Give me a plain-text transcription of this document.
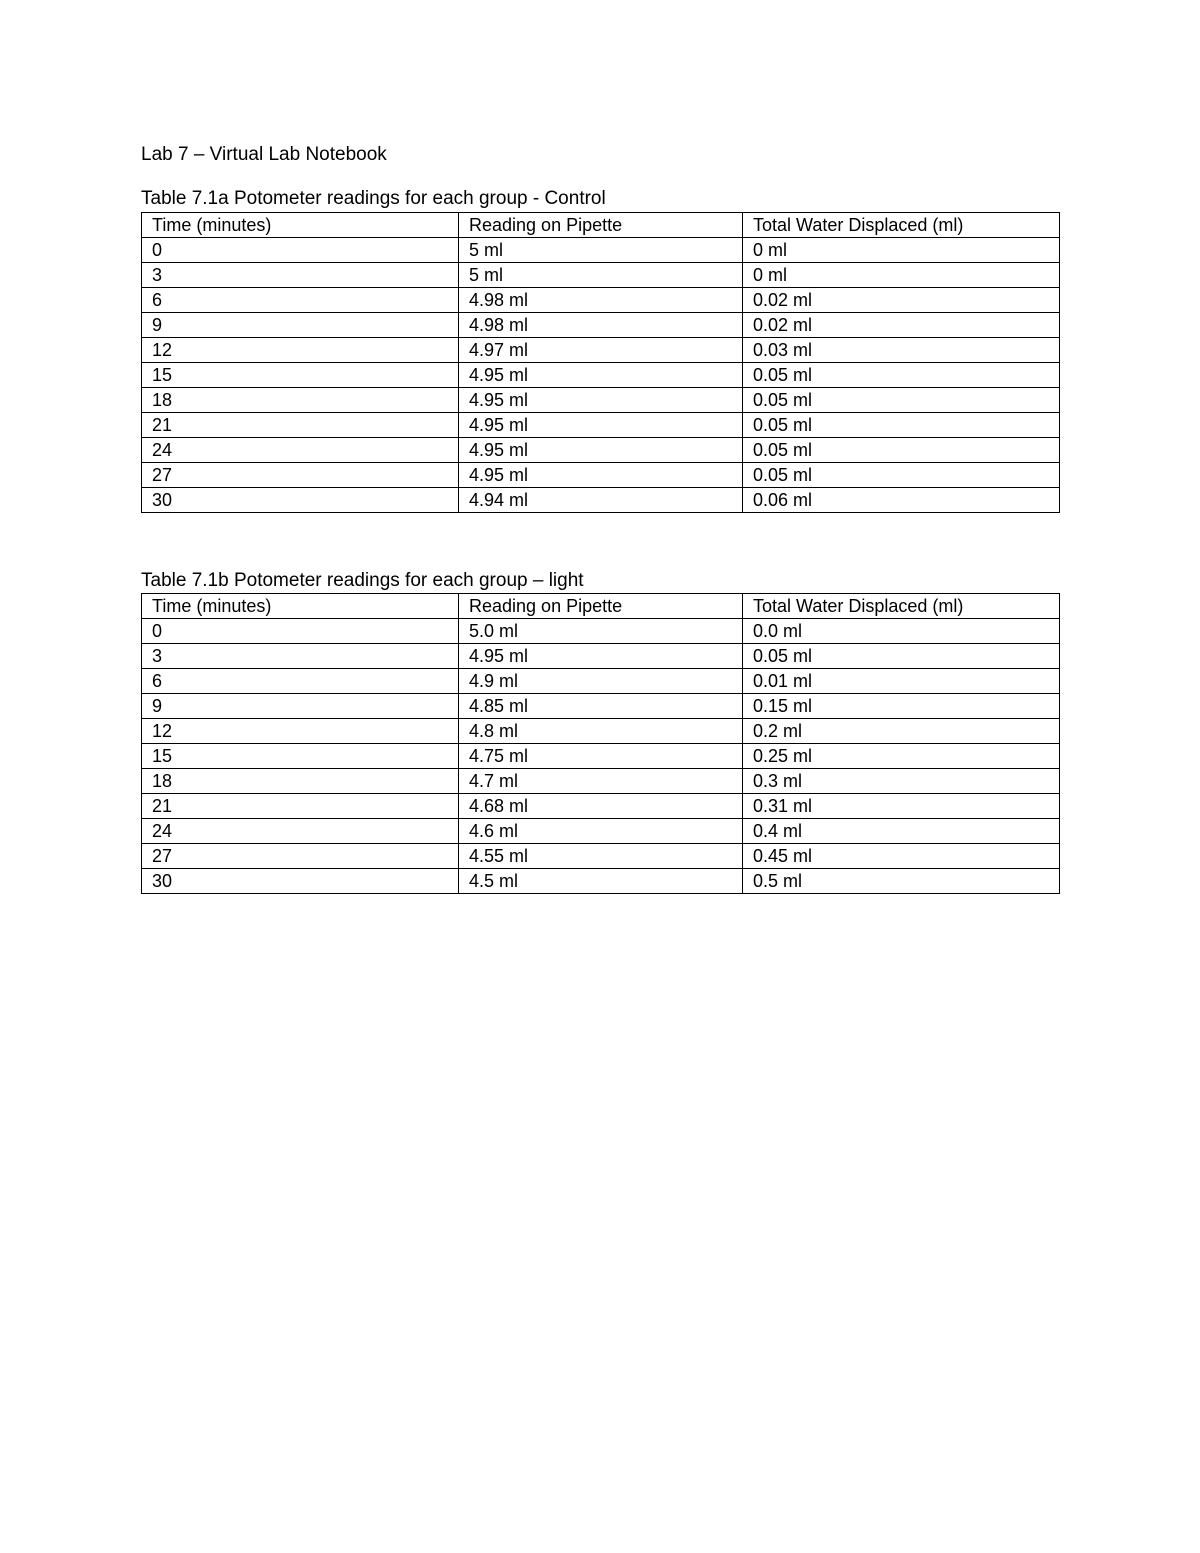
Lab 7 – Virtual Lab Notebook
Table 7.1a Potometer readings for each group - Control
Time (minutes)	Reading on Pipette	Total Water Displaced (ml)
0	5 ml	0 ml
3	5 ml	0 ml
6	4.98 ml	0.02 ml
9	4.98 ml	0.02 ml
12	4.97 ml	0.03 ml
15	4.95 ml	0.05 ml
18	4.95 ml	0.05 ml
21	4.95 ml	0.05 ml
24	4.95 ml	0.05 ml
27	4.95 ml	0.05 ml
30	4.94 ml	0.06 ml
Table 7.1b Potometer readings for each group – light
Time (minutes)	Reading on Pipette	Total Water Displaced (ml)
0	5.0 ml	0.0 ml
3	4.95 ml	0.05 ml
6	4.9 ml	0.01 ml
9	4.85 ml	0.15 ml
12	4.8 ml	0.2 ml
15	4.75 ml	0.25 ml
18	4.7 ml	0.3 ml
21	4.68 ml	0.31 ml
24	4.6 ml	0.4 ml
27	4.55 ml	0.45 ml
30	4.5 ml	0.5 ml
